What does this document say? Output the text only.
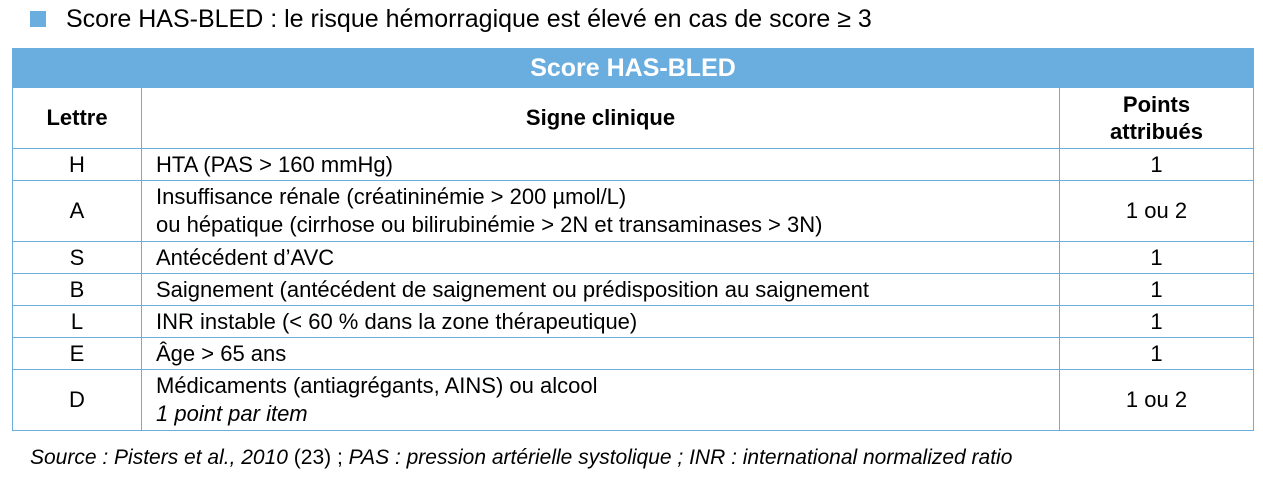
Score HAS-BLED : le risque hémorragique est élevé en cas de score ≥ 3
Score HAS-BLED		
Lettre	Signe clinique	Points
attribués

H	HTA (PAS > 160 mmHg)	1
A	Insuffisance rénale (créatininémie > 200 µmol/L)
ou hépatique (cirrhose ou bilirubinémie > 2N et transaminases > 3N)	1 ou 2
S	Antécédent d’AVC	1
B	Saignement (antécédent de saignement ou prédisposition au saignement	1
L	INR instable (< 60 % dans la zone thérapeutique)	1
E	Âge > 65 ans	1
D	Médicaments (antiagrégants, AINS) ou alcool
1 point par item	1 ou 2
Source : Pisters et al., 2010 (23) ; PAS : pression artérielle systolique ; INR : international normalized ratio
